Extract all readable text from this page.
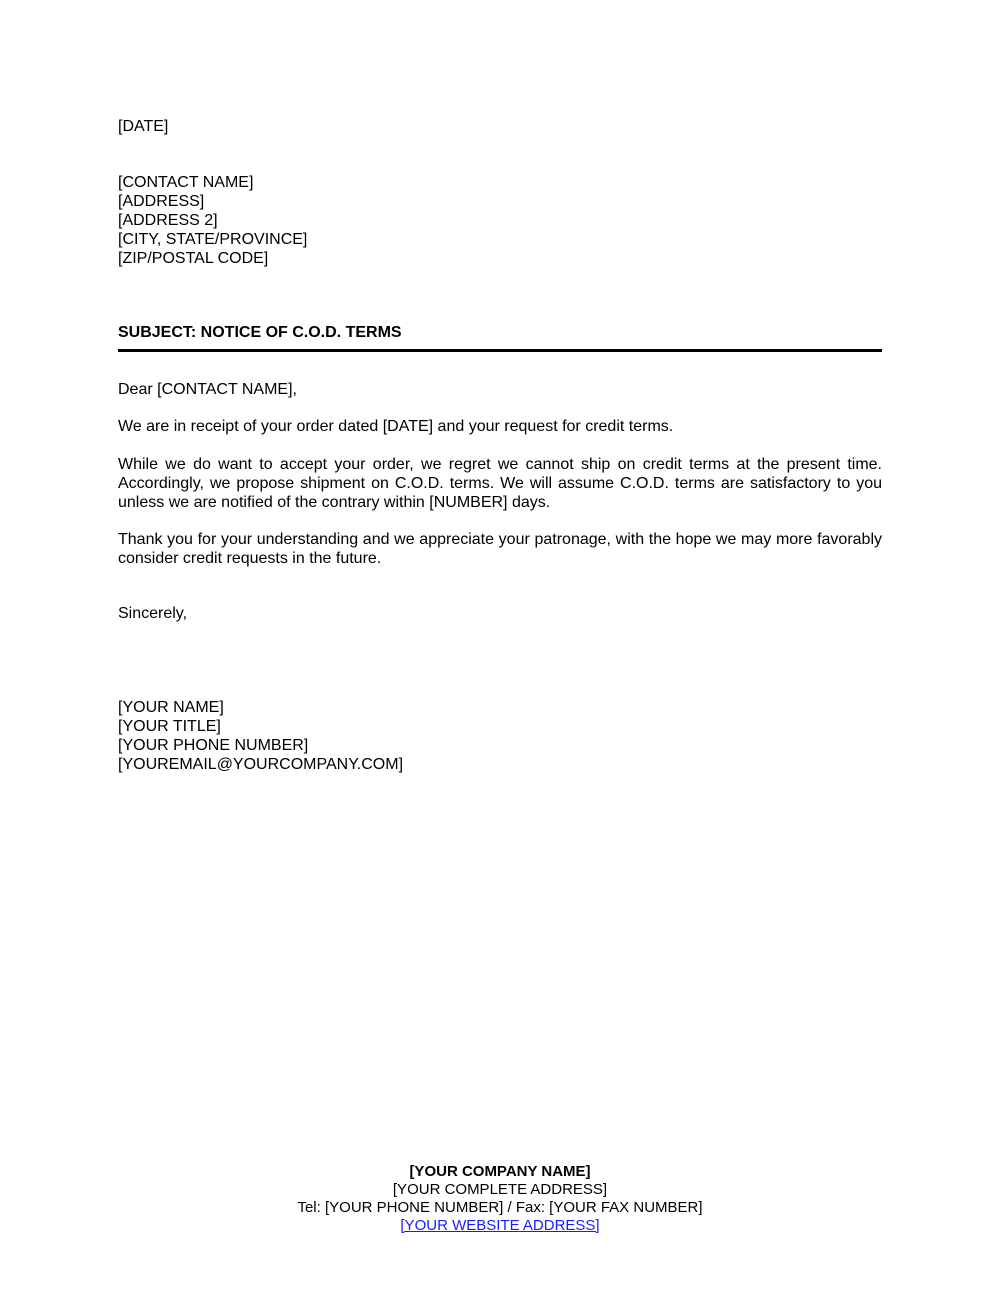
[DATE]
[CONTACT NAME]
[ADDRESS]
[ADDRESS 2]
[CITY, STATE/PROVINCE]
[ZIP/POSTAL CODE]
SUBJECT: NOTICE OF C.O.D. TERMS
Dear [CONTACT NAME],
We are in receipt of your order dated [DATE] and your request for credit terms.
While we do want to accept your order, we regret we cannot ship on credit terms at the present time. Accordingly, we propose shipment on C.O.D. terms. We will assume C.O.D. terms are satisfactory to you unless we are notified of the contrary within [NUMBER] days.
Thank you for your understanding and we appreciate your patronage, with the hope we may more favorably consider credit requests in the future.
Sincerely,
[YOUR NAME]
[YOUR TITLE]
[YOUR PHONE NUMBER]
[YOUREMAIL@YOURCOMPANY.COM]
[YOUR COMPANY NAME]
[YOUR COMPLETE ADDRESS]
Tel: [YOUR PHONE NUMBER] / Fax: [YOUR FAX NUMBER]
[YOUR WEBSITE ADDRESS]
